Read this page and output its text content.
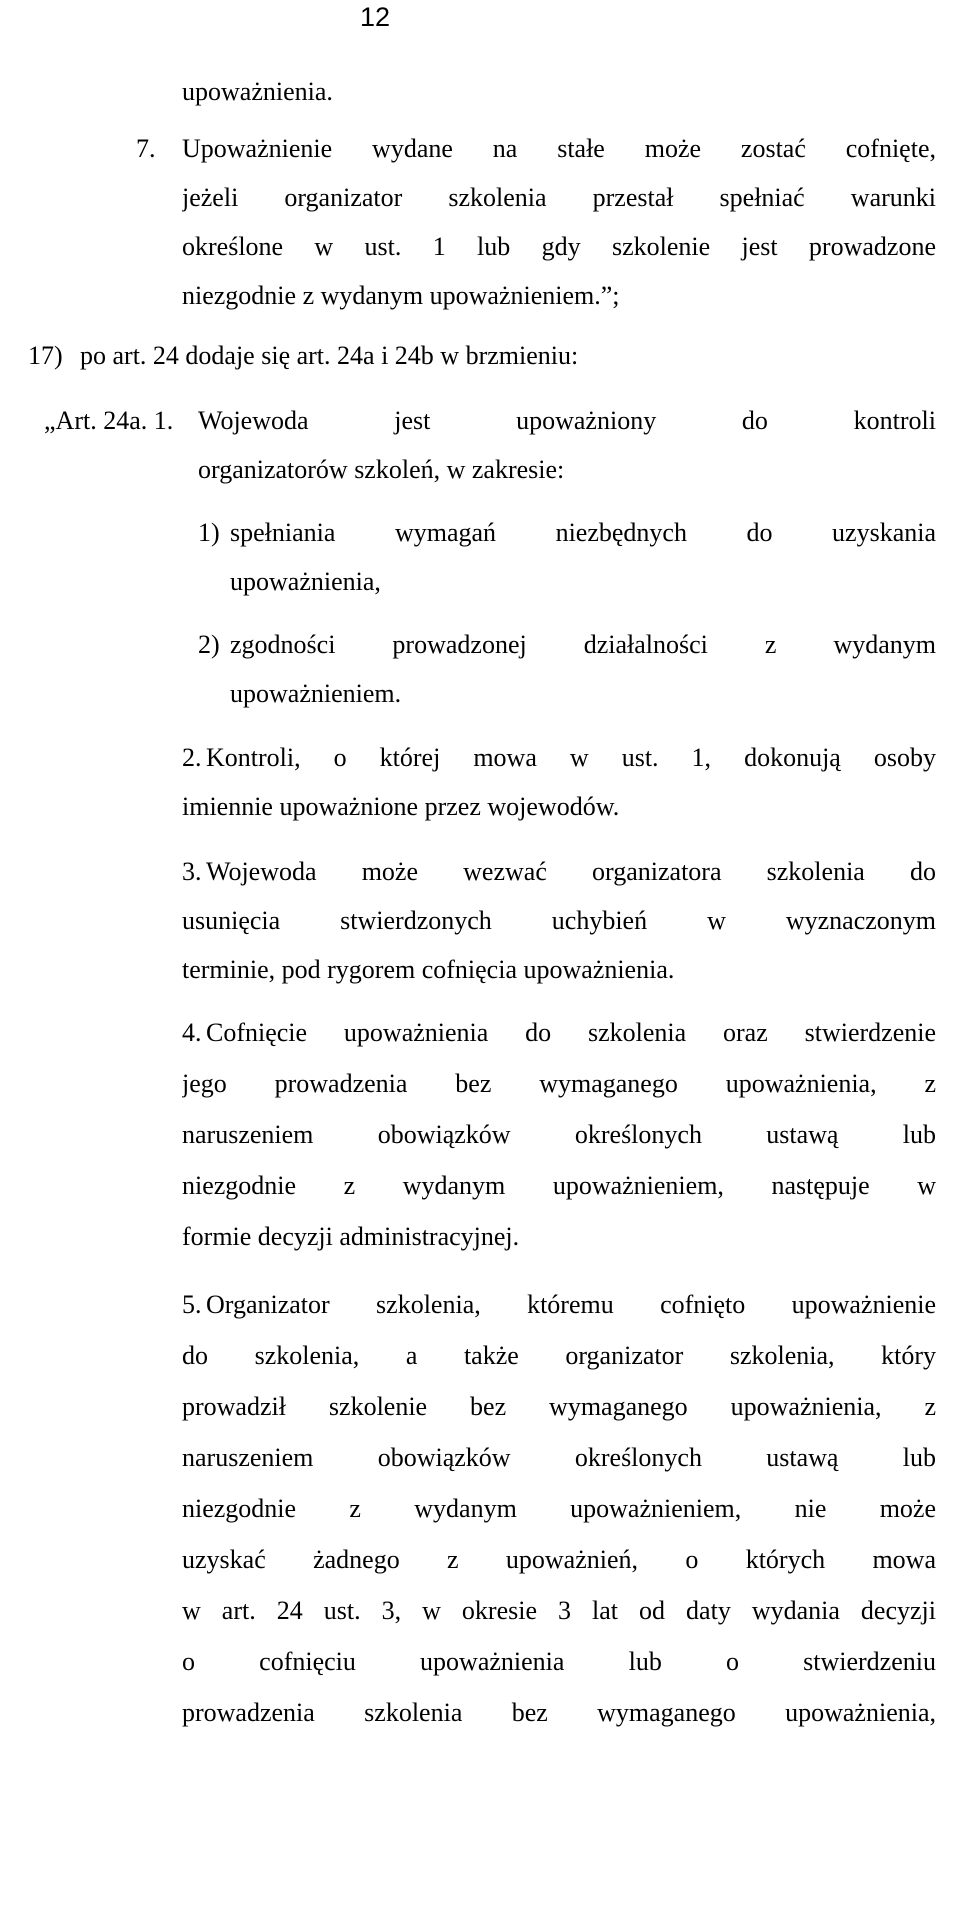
12
upoważnienia.
7. Upoważnienie wydane na stałe może zostać cofnięte,
jeżeli organizator szkolenia przestał spełniać warunki
określone w ust. 1 lub gdy szkolenie jest prowadzone
niezgodnie z wydanym upoważnieniem.”;
17) po art. 24 dodaje się art. 24a i 24b w brzmieniu:
„Art. 24a. 1. Wojewoda jest upoważniony do kontroli
organizatorów szkoleń, w zakresie:
1) spełniania wymagań niezbędnych do uzyskania
upoważnienia,
2) zgodności prowadzonej działalności z wydanym
upoważnieniem.
2. Kontroli, o której mowa w ust. 1, dokonują osoby
imiennie upoważnione przez wojewodów.
3. Wojewoda może wezwać organizatora szkolenia do
usunięcia stwierdzonych uchybień w wyznaczonym
terminie, pod rygorem cofnięcia upoważnienia.
4. Cofnięcie upoważnienia do szkolenia oraz stwierdzenie
jego prowadzenia bez wymaganego upoważnienia, z
naruszeniem obowiązków określonych ustawą lub
niezgodnie z wydanym upoważnieniem, następuje w
formie decyzji administracyjnej.
5. Organizator szkolenia, któremu cofnięto upoważnienie
do szkolenia, a także organizator szkolenia, który
prowadził szkolenie bez wymaganego upoważnienia, z
naruszeniem obowiązków określonych ustawą lub
niezgodnie z wydanym upoważnieniem, nie może
uzyskać żadnego z upoważnień, o których mowa
w art. 24 ust. 3, w okresie 3 lat od daty wydania decyzji
o cofnięciu upoważnienia lub o stwierdzeniu
prowadzenia szkolenia bez wymaganego upoważnienia,
